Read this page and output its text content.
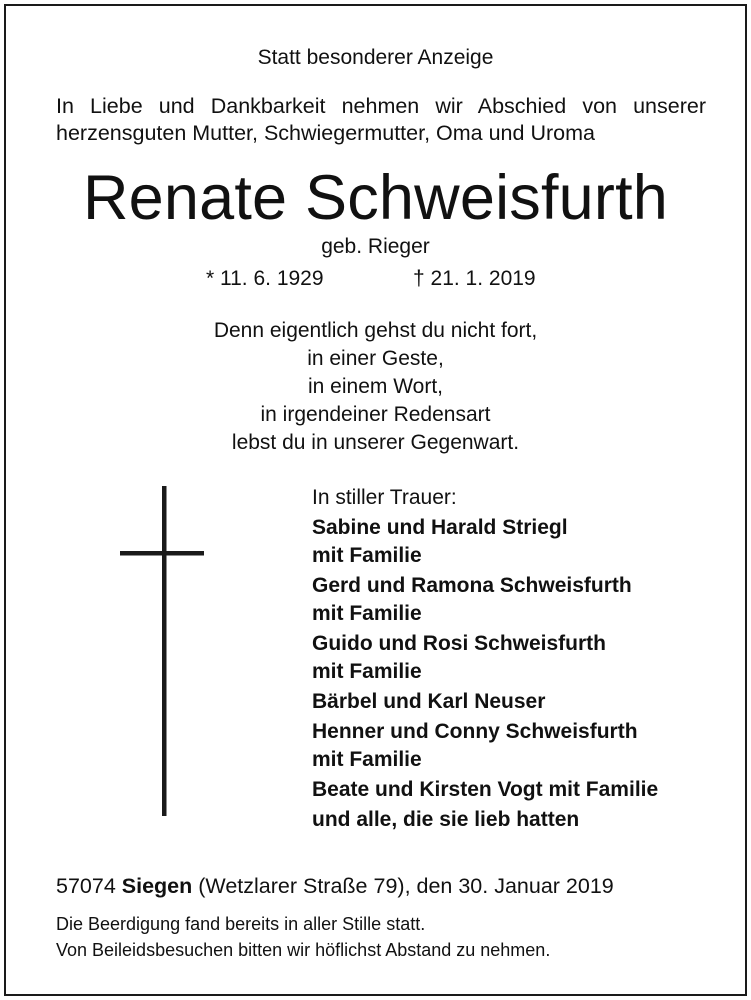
Statt besonderer Anzeige
In Liebe und Dankbarkeit nehmen wir Abschied von unserer
herzensguten Mutter, Schwiegermutter, Oma und Uroma
Renate Schweisfurth
geb. Rieger
* 11. 6. 1929	† 21. 1. 2019
Denn eigentlich gehst du nicht fort,
in einer Geste,
in einem Wort,
in irgendeiner Redensart
lebst du in unserer Gegenwart.
In stiller Trauer:
Sabine und Harald Striegl
mit Familie
Gerd und Ramona Schweisfurth
mit Familie
Guido und Rosi Schweisfurth
mit Familie
Bärbel und Karl Neuser
Henner und Conny Schweisfurth
mit Familie
Beate und Kirsten Vogt mit Familie
und alle, die sie lieb hatten
57074 Siegen (Wetzlarer Straße 79), den 30. Januar 2019
Die Beerdigung fand bereits in aller Stille statt.
Von Beileidsbesuchen bitten wir höflichst Abstand zu nehmen.
